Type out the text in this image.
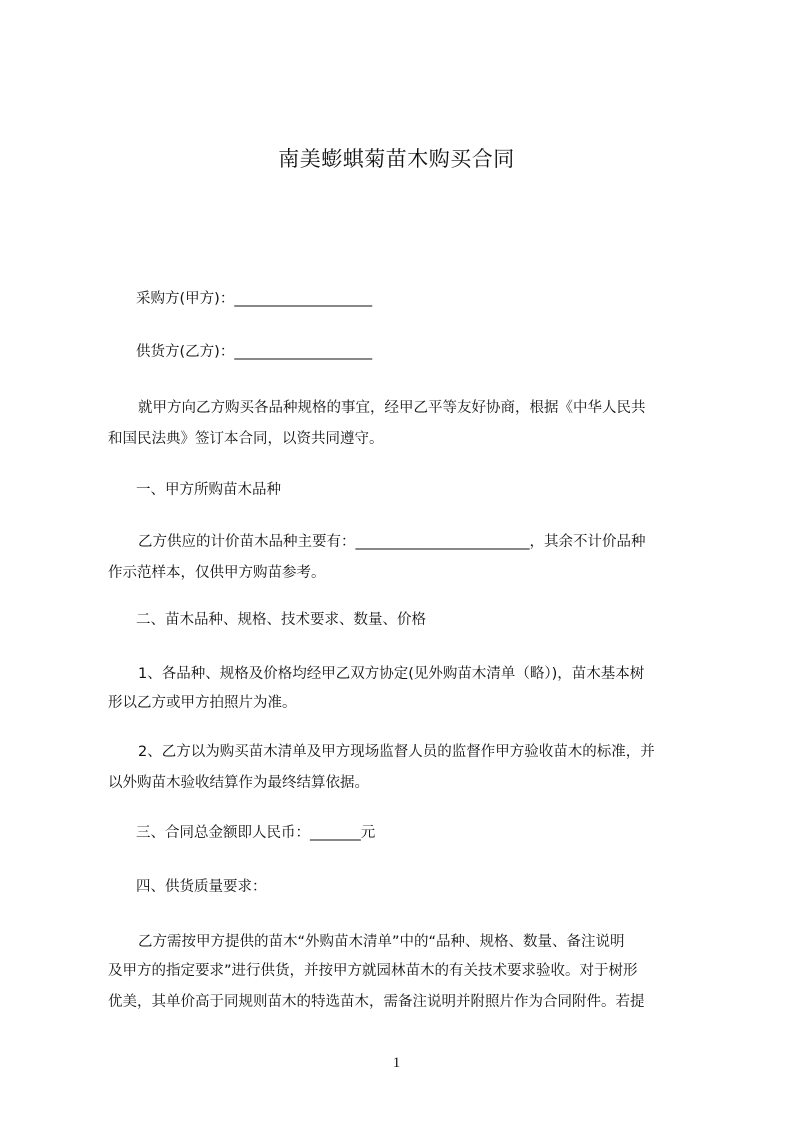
南美蟛蜞菊苗木购买合同
采购方(甲方)：___________________
供货方(乙方)：___________________
就甲方向乙方购买各品种规格的事宜，经甲乙平等友好协商，根据《中华人民共
和国民法典》签订本合同，以资共同遵守。
一、甲方所购苗木品种
乙方供应的计价苗木品种主要有：________________________，其余不计价品种
作示范样本，仅供甲方购苗参考。
二、苗木品种、规格、技术要求、数量、价格
1、各品种、规格及价格均经甲乙双方协定(见外购苗木清单（略）)，苗木基本树
形以乙方或甲方拍照片为准。
2、乙方以为购买苗木清单及甲方现场监督人员的监督作甲方验收苗木的标准，并
以外购苗木验收结算作为最终结算依据。
三、合同总金额即人民币：_______元
四、供货质量要求：
乙方需按甲方提供的苗木“外购苗木清单”中的“品种、规格、数量、备注说明
及甲方的指定要求”进行供货，并按甲方就园林苗木的有关技术要求验收。对于树形
优美，其单价高于同规则苗木的特选苗木，需备注说明并附照片作为合同附件。若提
1
